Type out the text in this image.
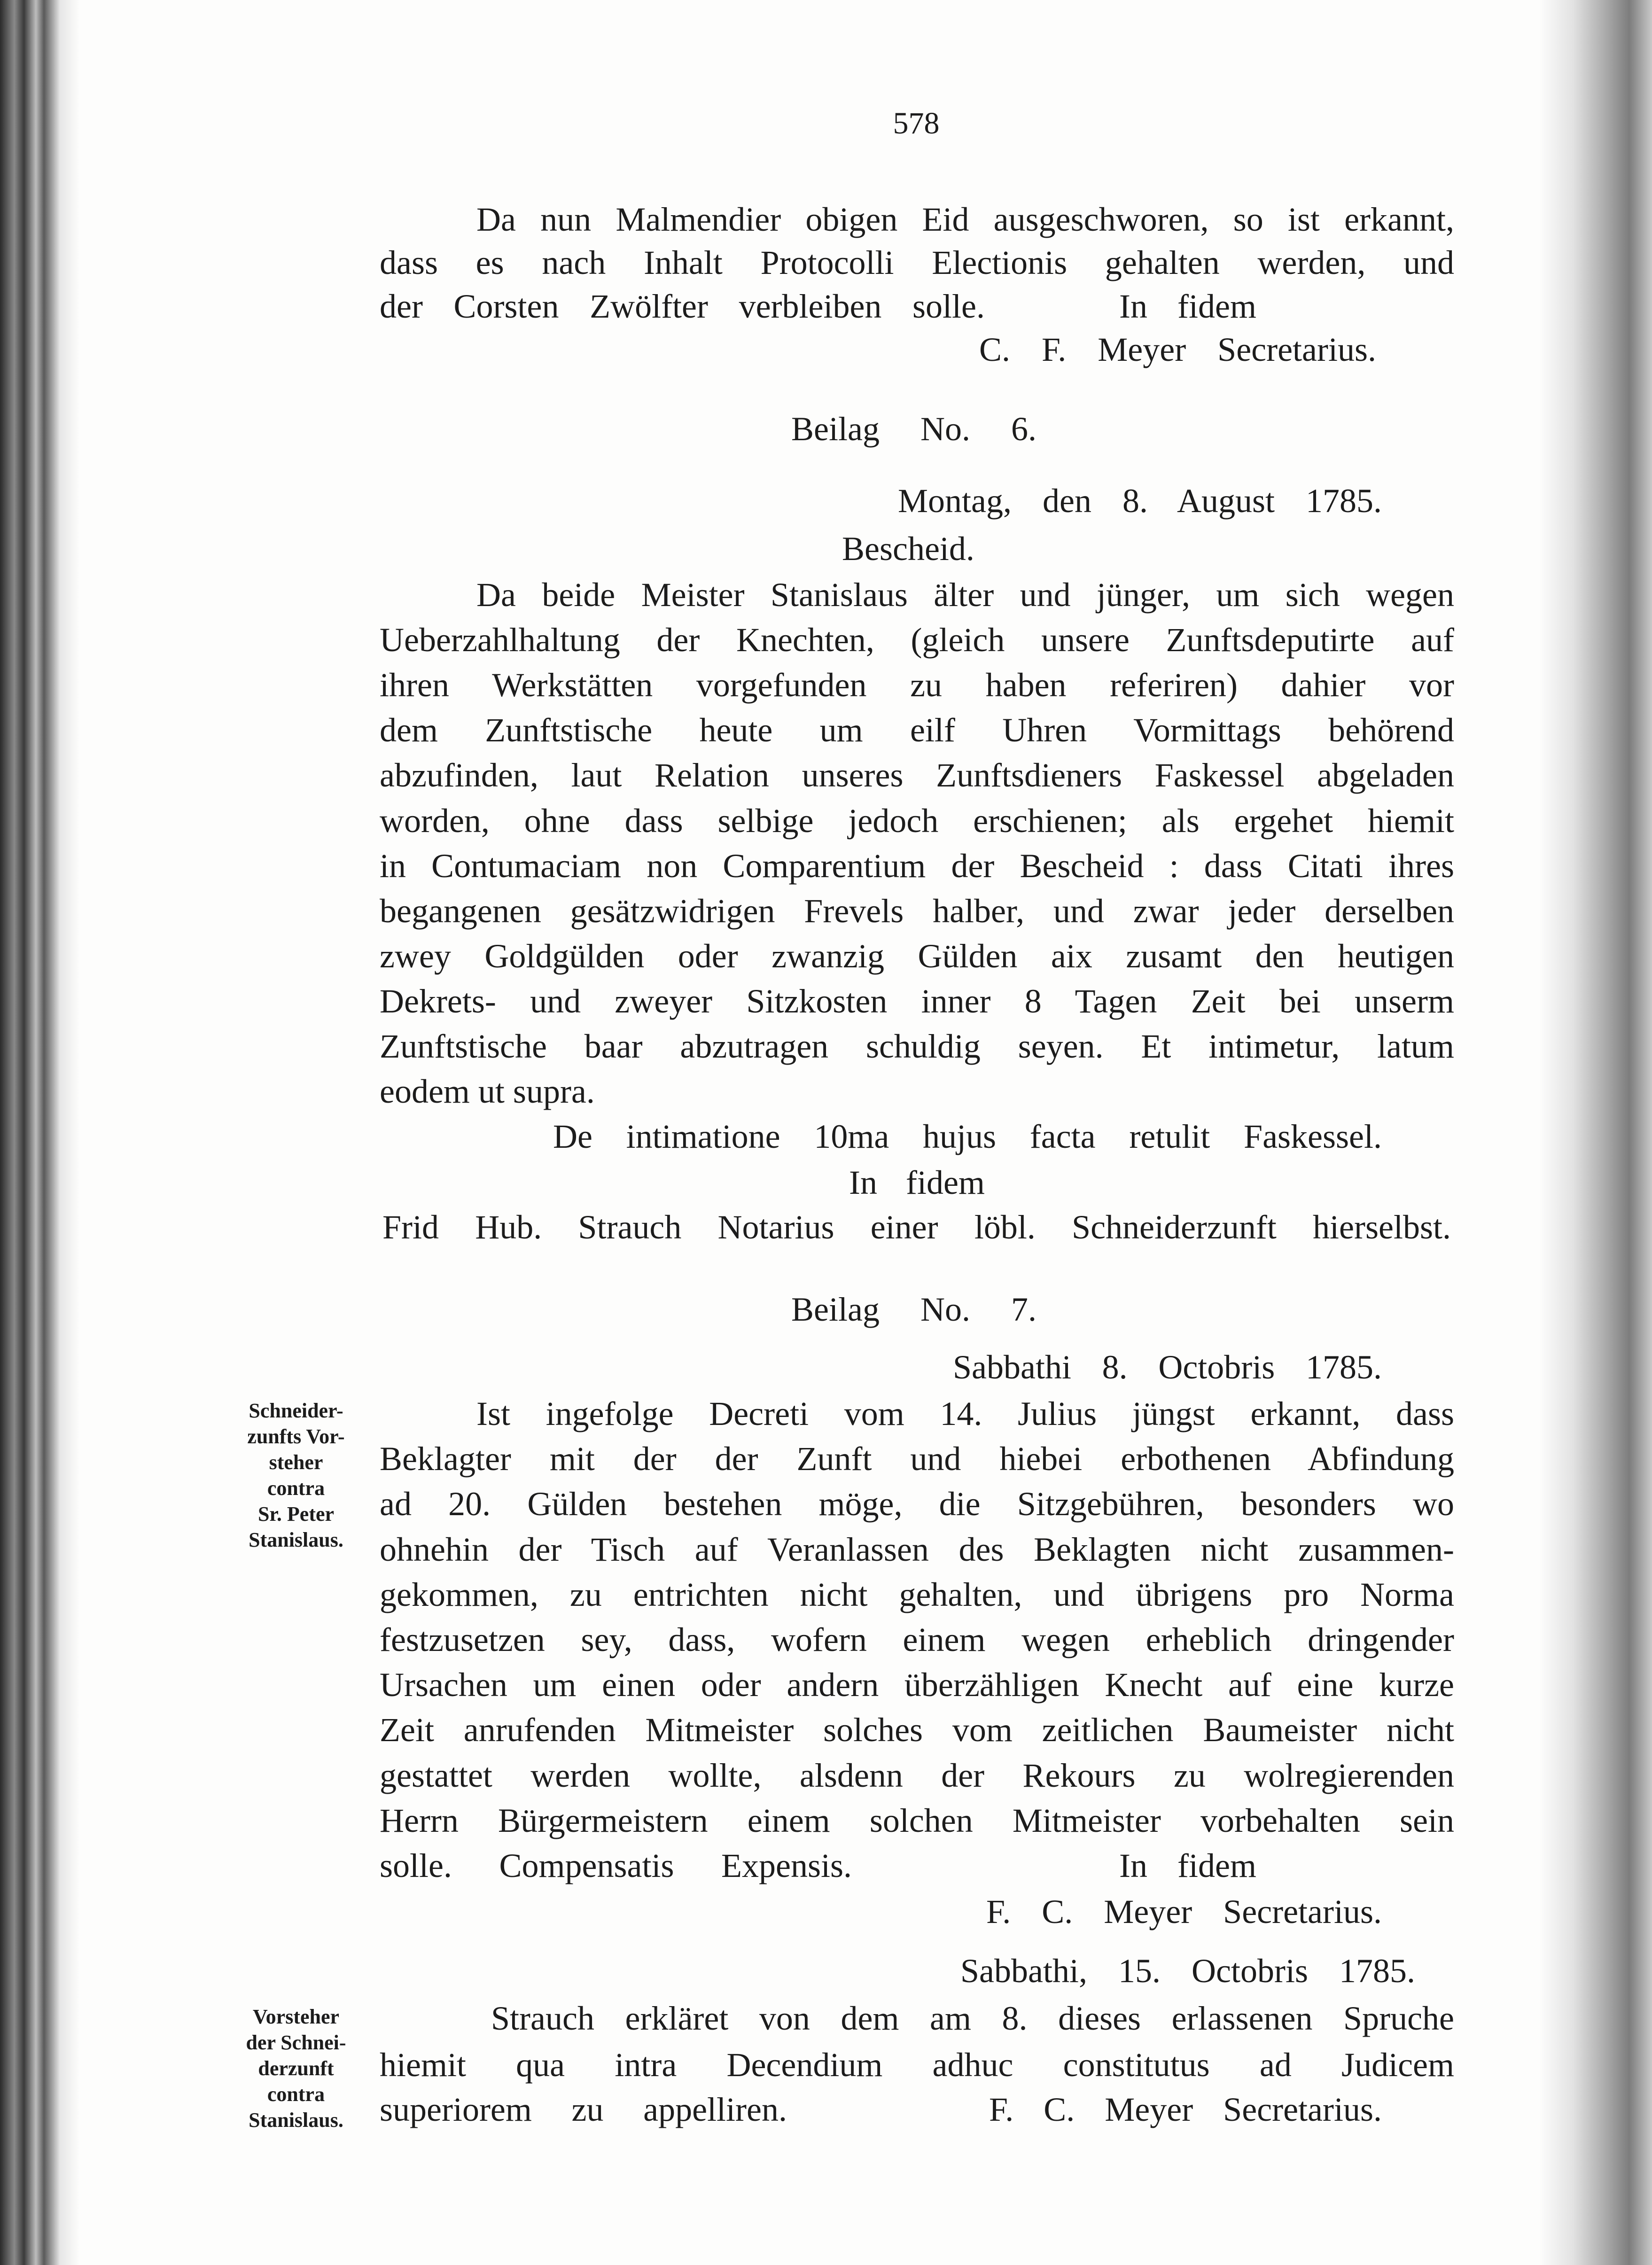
578
Da nun Malmendier obigen Eid ausgeschworen, so ist erkannt,
dass es nach Inhalt Protocolli Electionis gehalten werden, und
der Corsten Zwölfter verbleiben solle.	In fidem
C. F. Meyer Secretarius.
Beilag No. 6.
Montag, den 8. August 1785.
Bescheid.
Da beide Meister Stanislaus älter und jünger, um sich wegen
Ueberzahlhaltung der Knechten, (gleich unsere Zunftsdeputirte auf
ihren Werkstätten vorgefunden zu haben referiren) dahier vor
dem Zunftstische heute um eilf Uhren Vormittags behörend
abzufinden, laut Relation unseres Zunftsdieners Faskessel abgeladen
worden, ohne dass selbige jedoch erschienen; als ergehet hiemit
in Contumaciam non Comparentium der Bescheid : dass Citati ihres
begangenen gesätzwidrigen Frevels halber, und zwar jeder derselben
zwey Goldgülden oder zwanzig Gülden aix zusamt den heutigen
Dekrets- und zweyer Sitzkosten inner 8 Tagen Zeit bei unserm
Zunftstische baar abzutragen schuldig seyen. Et intimetur, latum
eodem ut supra.
De intimatione 10ma hujus facta retulit Faskessel.
In fidem
Frid Hub. Strauch Notarius einer löbl. Schneiderzunft hierselbst.
Beilag No. 7.
Sabbathi 8. Octobris 1785.
Ist ingefolge Decreti vom 14. Julius jüngst erkannt, dass
Beklagter mit der der Zunft und hiebei erbothenen Abfindung
ad 20. Gülden bestehen möge, die Sitzgebühren, besonders wo
ohnehin der Tisch auf Veranlassen des Beklagten nicht zusammen-
gekommen, zu entrichten nicht gehalten, und übrigens pro Norma
festzusetzen sey, dass, wofern einem wegen erheblich dringender
Ursachen um einen oder andern überzähligen Knecht auf eine kurze
Zeit anrufenden Mitmeister solches vom zeitlichen Baumeister nicht
gestattet werden wollte, alsdenn der Rekours zu wolregierenden
Herrn Bürgermeistern einem solchen Mitmeister vorbehalten sein
solle. Compensatis Expensis.	In fidem
F. C. Meyer Secretarius.
Sabbathi, 15. Octobris 1785.
Strauch erkläret von dem am 8. dieses erlassenen Spruche
hiemit qua intra Decendium adhuc constitutus ad Judicem
superiorem zu appelliren.	F. C. Meyer Secretarius.
Schneider-
zunfts Vor-
steher
contra
Sr. Peter
Stanislaus.
Vorsteher
der Schnei-
derzunft
contra
Stanislaus.
